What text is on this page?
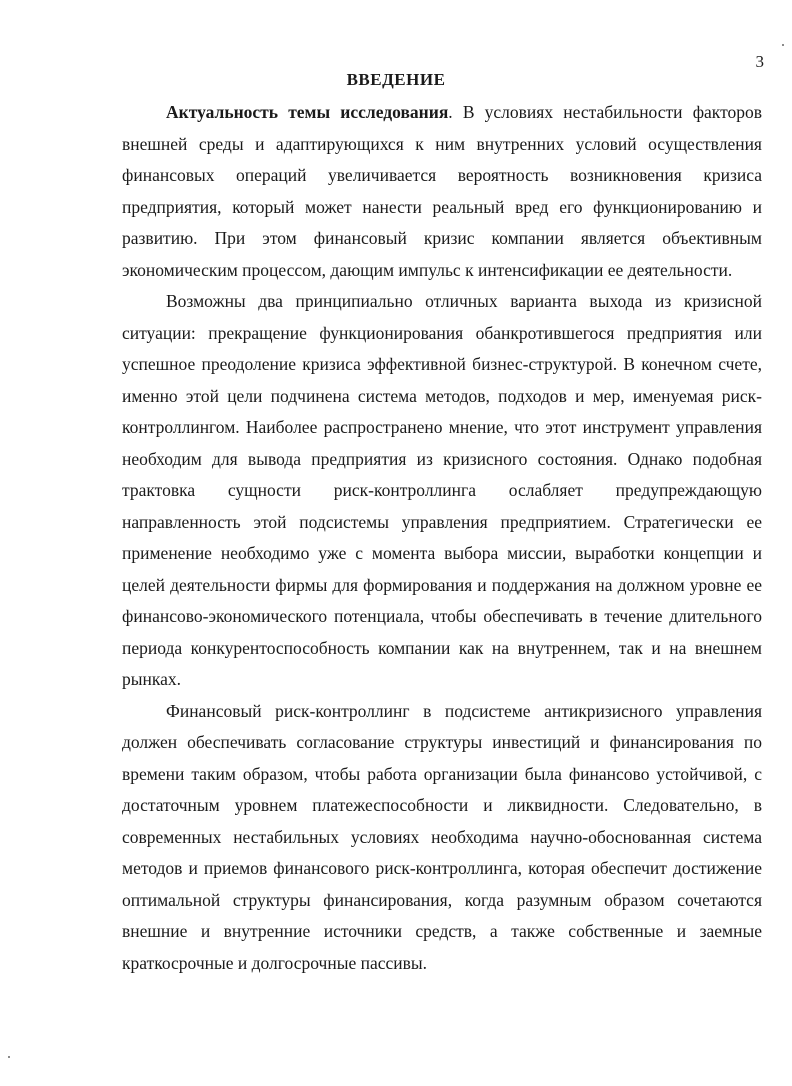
3
ВВЕДЕНИЕ

Актуальность темы исследования. В условиях нестабильности факторов внешней среды и адаптирующихся к ним внутренних условий осуществления финансовых операций увеличивается вероятность возникновения кризиса предприятия, который может нанести реальный вред его функционированию и развитию. При этом финансовый кризис компании является объективным экономическим процессом, дающим импульс к интенсификации ее деятельности.

Возможны два принципиально отличных варианта выхода из кризисной ситуации: прекращение функционирования обанкротившегося предприятия или успешное преодоление кризиса эффективной бизнес-структурой. В конечном счете, именно этой цели подчинена система методов, подходов и мер, именуемая риск-контроллингом. Наиболее распространено мнение, что этот инструмент управления необходим для вывода предприятия из кризисного состояния. Однако подобная трактовка сущности риск-контроллинга ослабляет предупреждающую направленность этой подсистемы управления предприятием. Стратегически ее применение необходимо уже с момента выбора миссии, выработки концепции и целей деятельности фирмы для формирования и поддержания на должном уровне ее финансово-экономического потенциала, чтобы обеспечивать в течение длительного периода конкурентоспособность компании как на внутреннем, так и на внешнем рынках.

Финансовый риск-контроллинг в подсистеме антикризисного управления должен обеспечивать согласование структуры инвестиций и финансирования по времени таким образом, чтобы работа организации была финансово устойчивой, с достаточным уровнем платежеспособности и ликвидности. Следовательно, в современных нестабильных условиях необходима научно-обоснованная система методов и приемов финансового риск-контроллинга, которая обеспечит достижение оптимальной структуры финансирования, когда разумным образом сочетаются внешние и внутренние источники средств, а также собственные и заемные краткосрочные и долгосрочные пассивы.
